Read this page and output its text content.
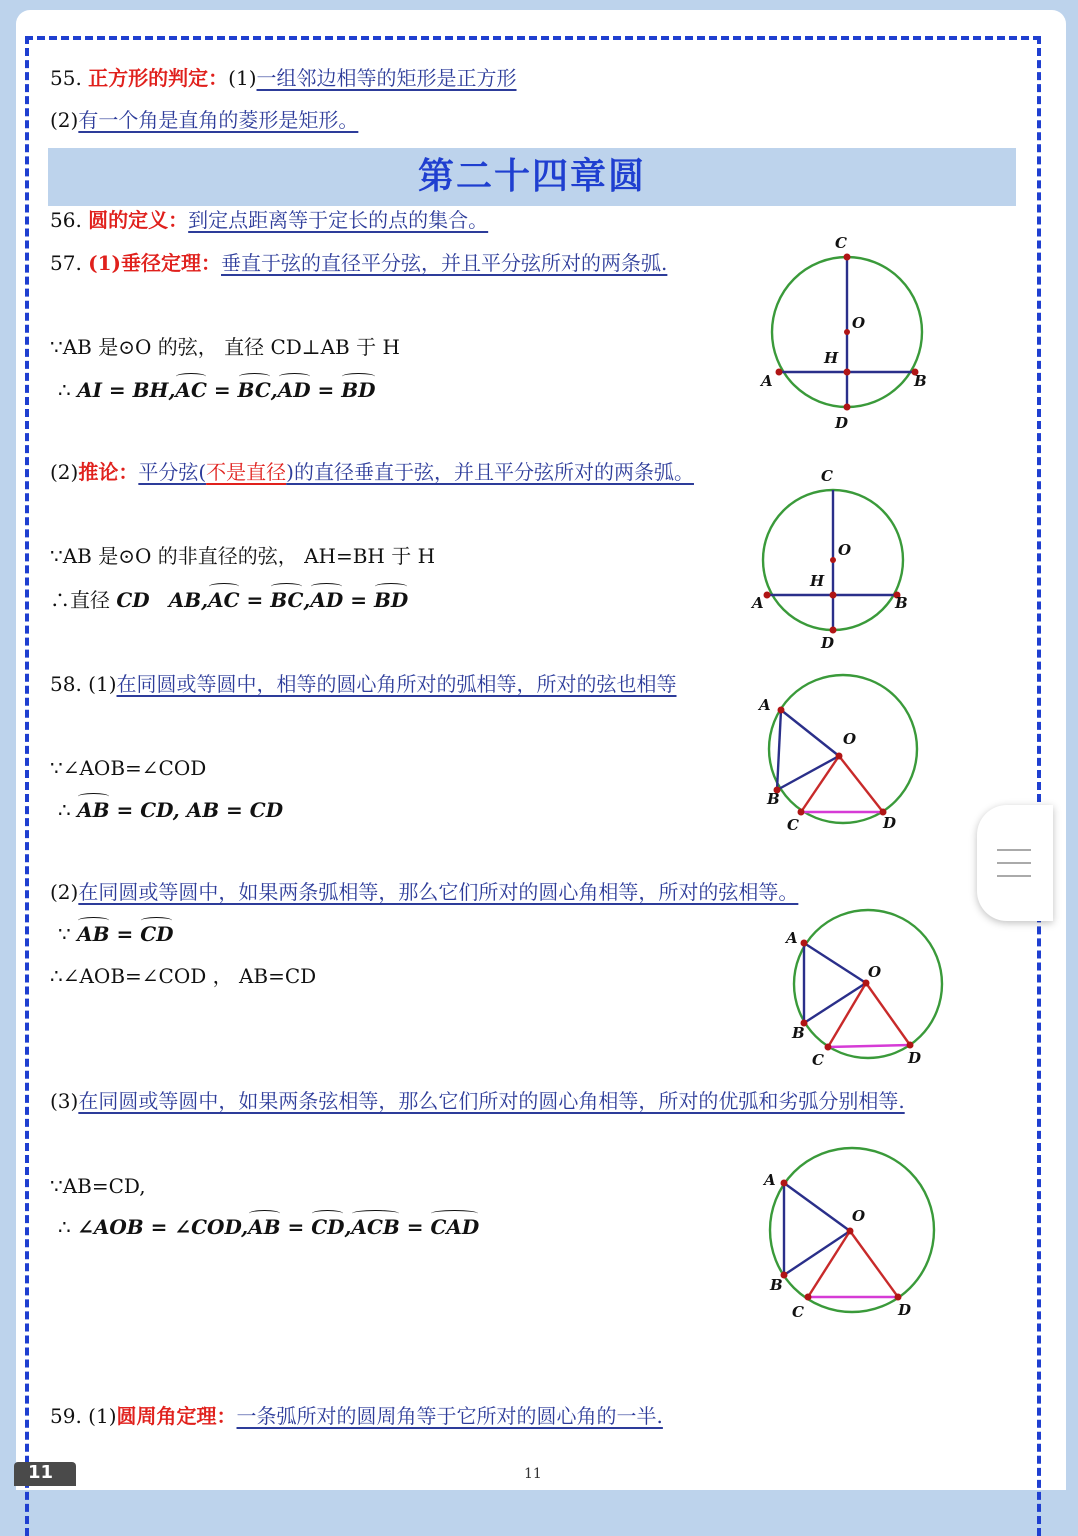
55. 正方形的判定：(1)一组邻边相等的矩形是正方形
(2)有一个角是直角的菱形是矩形。
第二十四章圆
56. 圆的定义：到定点距离等于定长的点的集合。
57. (1)垂径定理：垂直于弦的直径平分弦，并且平分弦所对的两条弧.
∵AB 是⊙O 的弦， 直径 CD⊥AB 于 H
∴ AI = BH,AC = BC,AD = BD
(2)推论：平分弦(不是直径)的直径垂直于弦，并且平分弦所对的两条弧。
∵AB 是⊙O 的非直径的弦， AH=BH 于 H
∴直径 CD AB,AC = BC,AD = BD
58. (1)在同圆或等圆中，相等的圆心角所对的弧相等，所对的弦也相等
∵∠AOB=∠COD
∴ AB = CD, AB = CD
(2)在同圆或等圆中，如果两条弧相等，那么它们所对的圆心角相等，所对的弦相等。
∵ AB = CD
∴∠AOB=∠COD ， AB=CD
(3)在同圆或等圆中，如果两条弦相等，那么它们所对的圆心角相等，所对的优弧和劣弧分别相等.
∵AB=CD,
∴ ∠AOB = ∠COD,AB = CD,ACB = CAD
59. (1)圆周角定理：一条弧所对的圆周角等于它所对的圆心角的一半.
C
O
H
A	B
D
C
O
H
A	B
D
A
B
O
C	D
A
B
O
C	D
A
B
O
C	D
11	11
